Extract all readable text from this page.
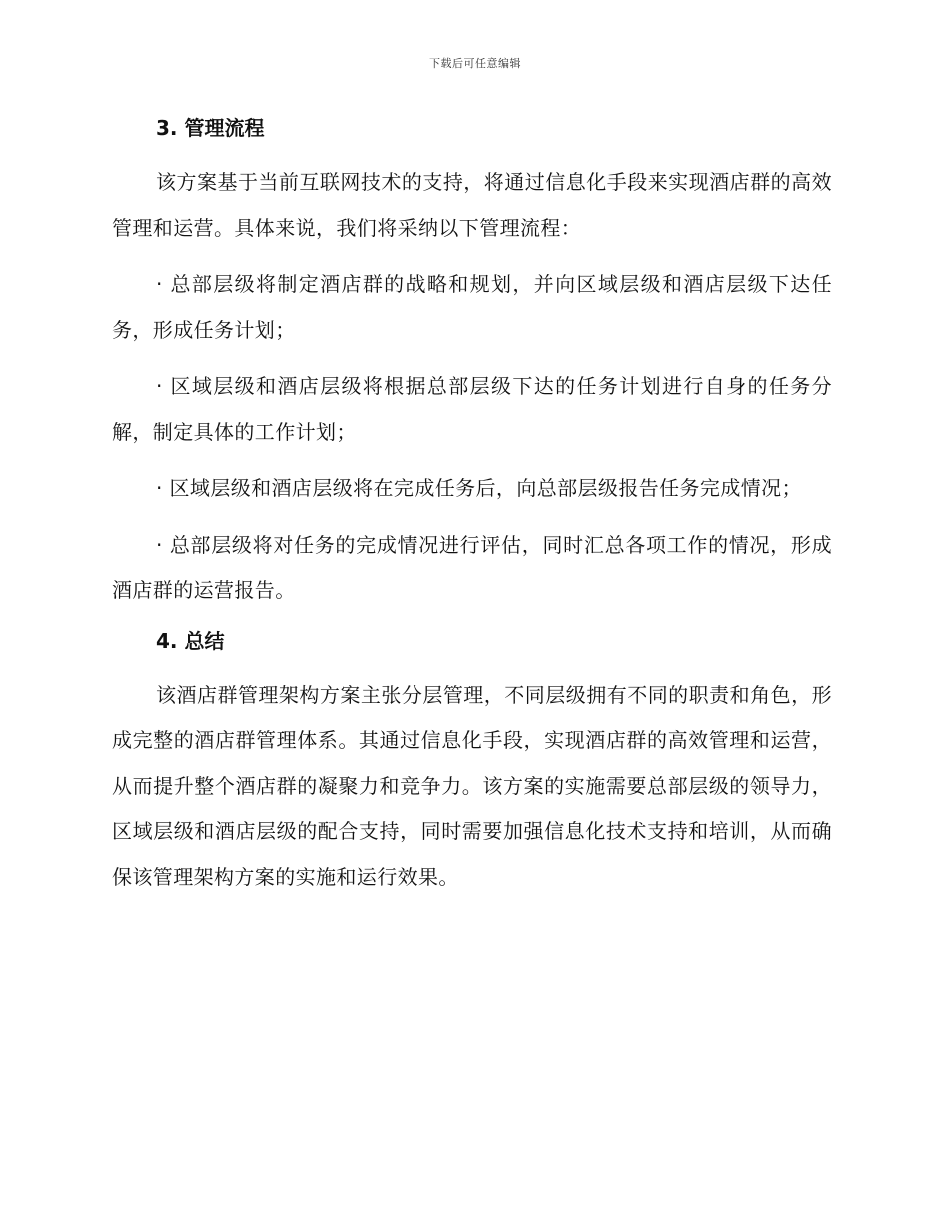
下载后可任意编辑
3. 管理流程

该方案基于当前互联网技术的支持，将通过信息化手段来实现酒店群的高效管理和运营。具体来说，我们将采纳以下管理流程：

· 总部层级将制定酒店群的战略和规划，并向区域层级和酒店层级下达任务，形成任务计划；

· 区域层级和酒店层级将根据总部层级下达的任务计划进行自身的任务分解，制定具体的工作计划；

· 区域层级和酒店层级将在完成任务后，向总部层级报告任务完成情况；

· 总部层级将对任务的完成情况进行评估，同时汇总各项工作的情况，形成酒店群的运营报告。

4. 总结

该酒店群管理架构方案主张分层管理，不同层级拥有不同的职责和角色，形成完整的酒店群管理体系。其通过信息化手段，实现酒店群的高效管理和运营，从而提升整个酒店群的凝聚力和竞争力。该方案的实施需要总部层级的领导力，区域层级和酒店层级的配合支持，同时需要加强信息化技术支持和培训，从而确保该管理架构方案的实施和运行效果。
